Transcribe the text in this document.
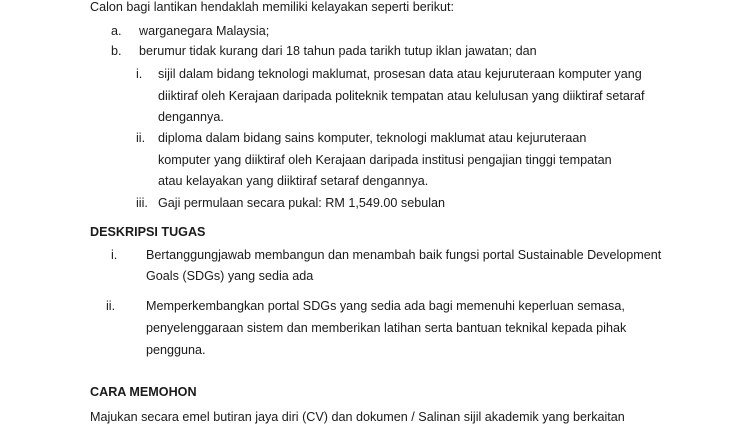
Calon bagi lantikan hendaklah memiliki kelayakan seperti berikut:
a. warganegara Malaysia;
b. berumur tidak kurang dari 18 tahun pada tarikh tutup iklan jawatan; dan
i. sijil dalam bidang teknologi maklumat, prosesan data atau kejuruteraan komputer yang
diiktiraf oleh Kerajaan daripada politeknik tempatan atau kelulusan yang diiktiraf setaraf
dengannya.
ii. diploma dalam bidang sains komputer, teknologi maklumat atau kejuruteraan
komputer yang diiktiraf oleh Kerajaan daripada institusi pengajian tinggi tempatan
atau kelayakan yang diiktiraf setaraf dengannya.
iii. Gaji permulaan secara pukal: RM 1,549.00 sebulan
DESKRIPSI TUGAS
i. Bertanggungjawab membangun dan menambah baik fungsi portal Sustainable Development
Goals (SDGs) yang sedia ada
ii. Memperkembangkan portal SDGs yang sedia ada bagi memenuhi keperluan semasa,
penyelenggaraan sistem dan memberikan latihan serta bantuan teknikal kepada pihak
pengguna.
CARA MEMOHON
Majukan secara emel butiran jaya diri (CV) dan dokumen / Salinan sijil akademik yang berkaitan
